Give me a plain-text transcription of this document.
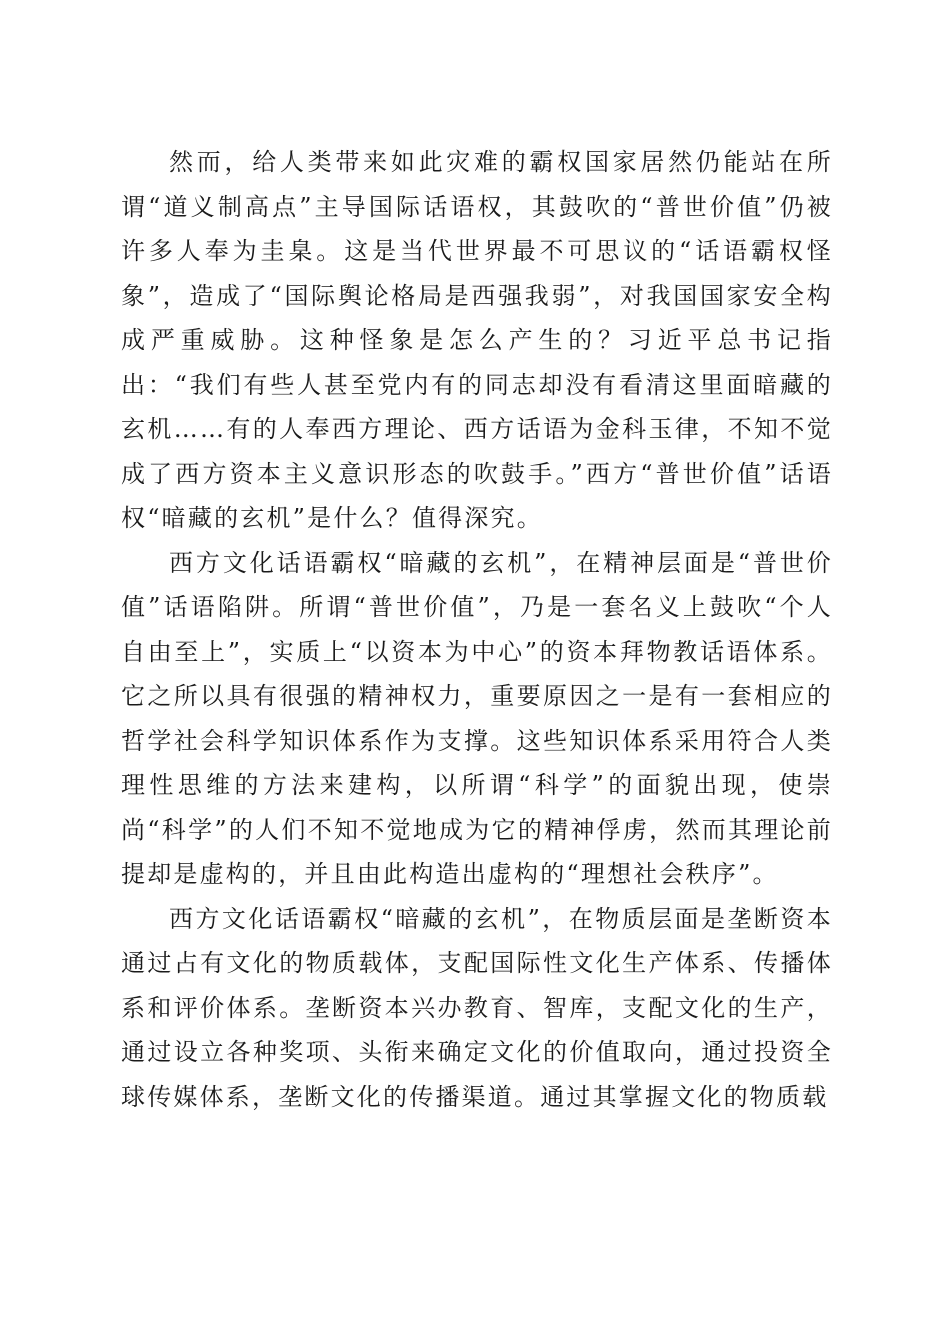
然而，给人类带来如此灾难的霸权国家居然仍能站在所谓“道义制高点”主导国际话语权，其鼓吹的“普世价值”仍被许多人奉为圭臬。这是当代世界最不可思议的“话语霸权怪象”，造成了“国际舆论格局是西强我弱”，对我国国家安全构成严重威胁。这种怪象是怎么产生的？习近平总书记指出：“我们有些人甚至党内有的同志却没有看清这里面暗藏的玄机……有的人奉西方理论、西方话语为金科玉律，不知不觉成了西方资本主义意识形态的吹鼓手。”西方“普世价值”话语权“暗藏的玄机”是什么？值得深究。

西方文化话语霸权“暗藏的玄机”，在精神层面是“普世价值”话语陷阱。所谓“普世价值”，乃是一套名义上鼓吹“个人自由至上”，实质上“以资本为中心”的资本拜物教话语体系。它之所以具有很强的精神权力，重要原因之一是有一套相应的哲学社会科学知识体系作为支撑。这些知识体系采用符合人类理性思维的方法来建构，以所谓“科学”的面貌出现，使崇尚“科学”的人们不知不觉地成为它的精神俘虏，然而其理论前提却是虚构的，并且由此构造出虚构的“理想社会秩序”。

西方文化话语霸权“暗藏的玄机”，在物质层面是垄断资本通过占有文化的物质载体，支配国际性文化生产体系、传播体系和评价体系。垄断资本兴办教育、智库，支配文化的生产，通过设立各种奖项、头衔来确定文化的价值取向，通过投资全球传媒体系，垄断文化的传播渠道。通过其掌握文化的物质载
